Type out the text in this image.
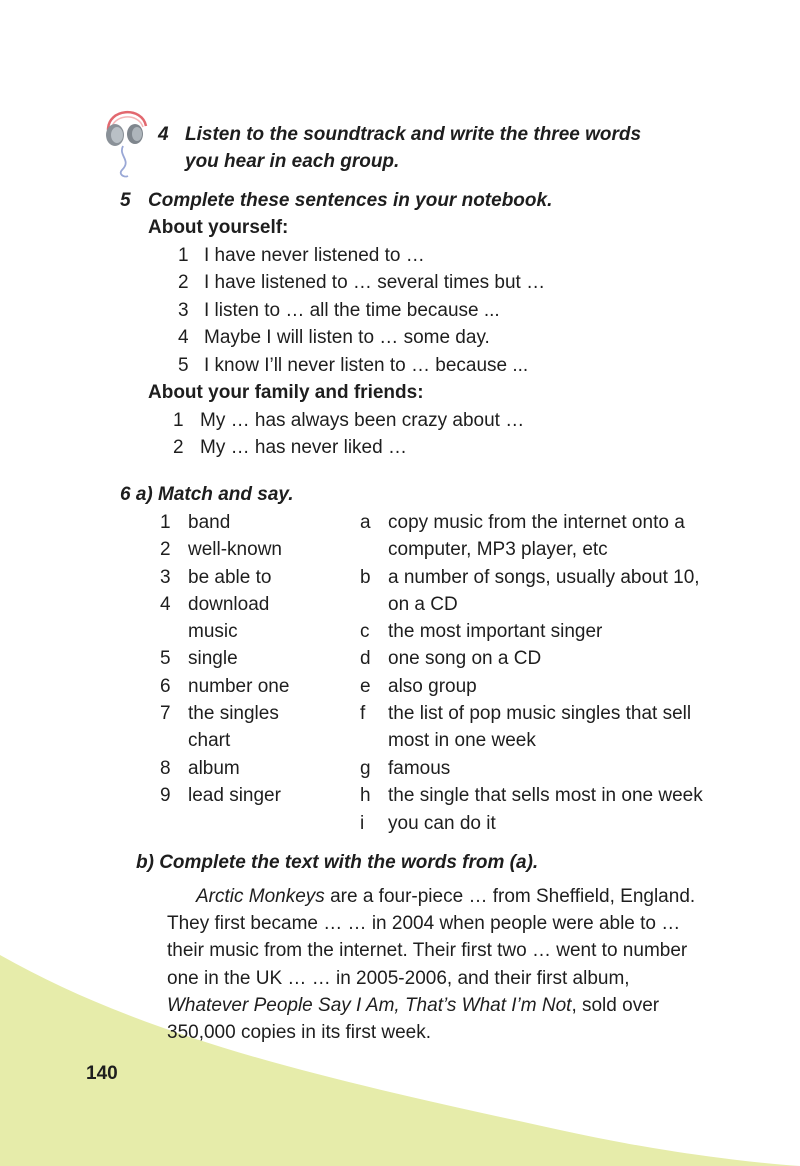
4 Listen to the soundtrack and write the three words
you hear in each group.
5 Complete these sentences in your notebook.
About yourself:
1 I have never listened to …
2 I have listened to … several times but …
3 I listen to … all the time because ...
4 Maybe I will listen to … some day.
5 I know I’ll never listen to … because ...
About your family and friends:
1 My … has always been crazy about …
2 My … has never liked …
6 a) Match and say.
1 band
2 well-known
3 be able to
4 download
music
5 single
6 number one
7 the singles
chart
8 album
9 lead singer
a copy music from the internet onto a
computer, MP3 player, etc
b a number of songs, usually about 10,
on a CD
c the most important singer
d one song on a CD
e also group
f the list of pop music singles that sell
most in one week
g famous
h the single that sells most in one week
i you can do it
b) Complete the text with the words from (a).
Arctic Monkeys are a four-piece … from Sheffield, England.
They first became … … in 2004 when people were able to …
their music from the internet. Their first two … went to number
one in the UK … … in 2005-2006, and their first album,
Whatever People Say I Am, That’s What I’m Not, sold over
350,000 copies in its first week.
140
